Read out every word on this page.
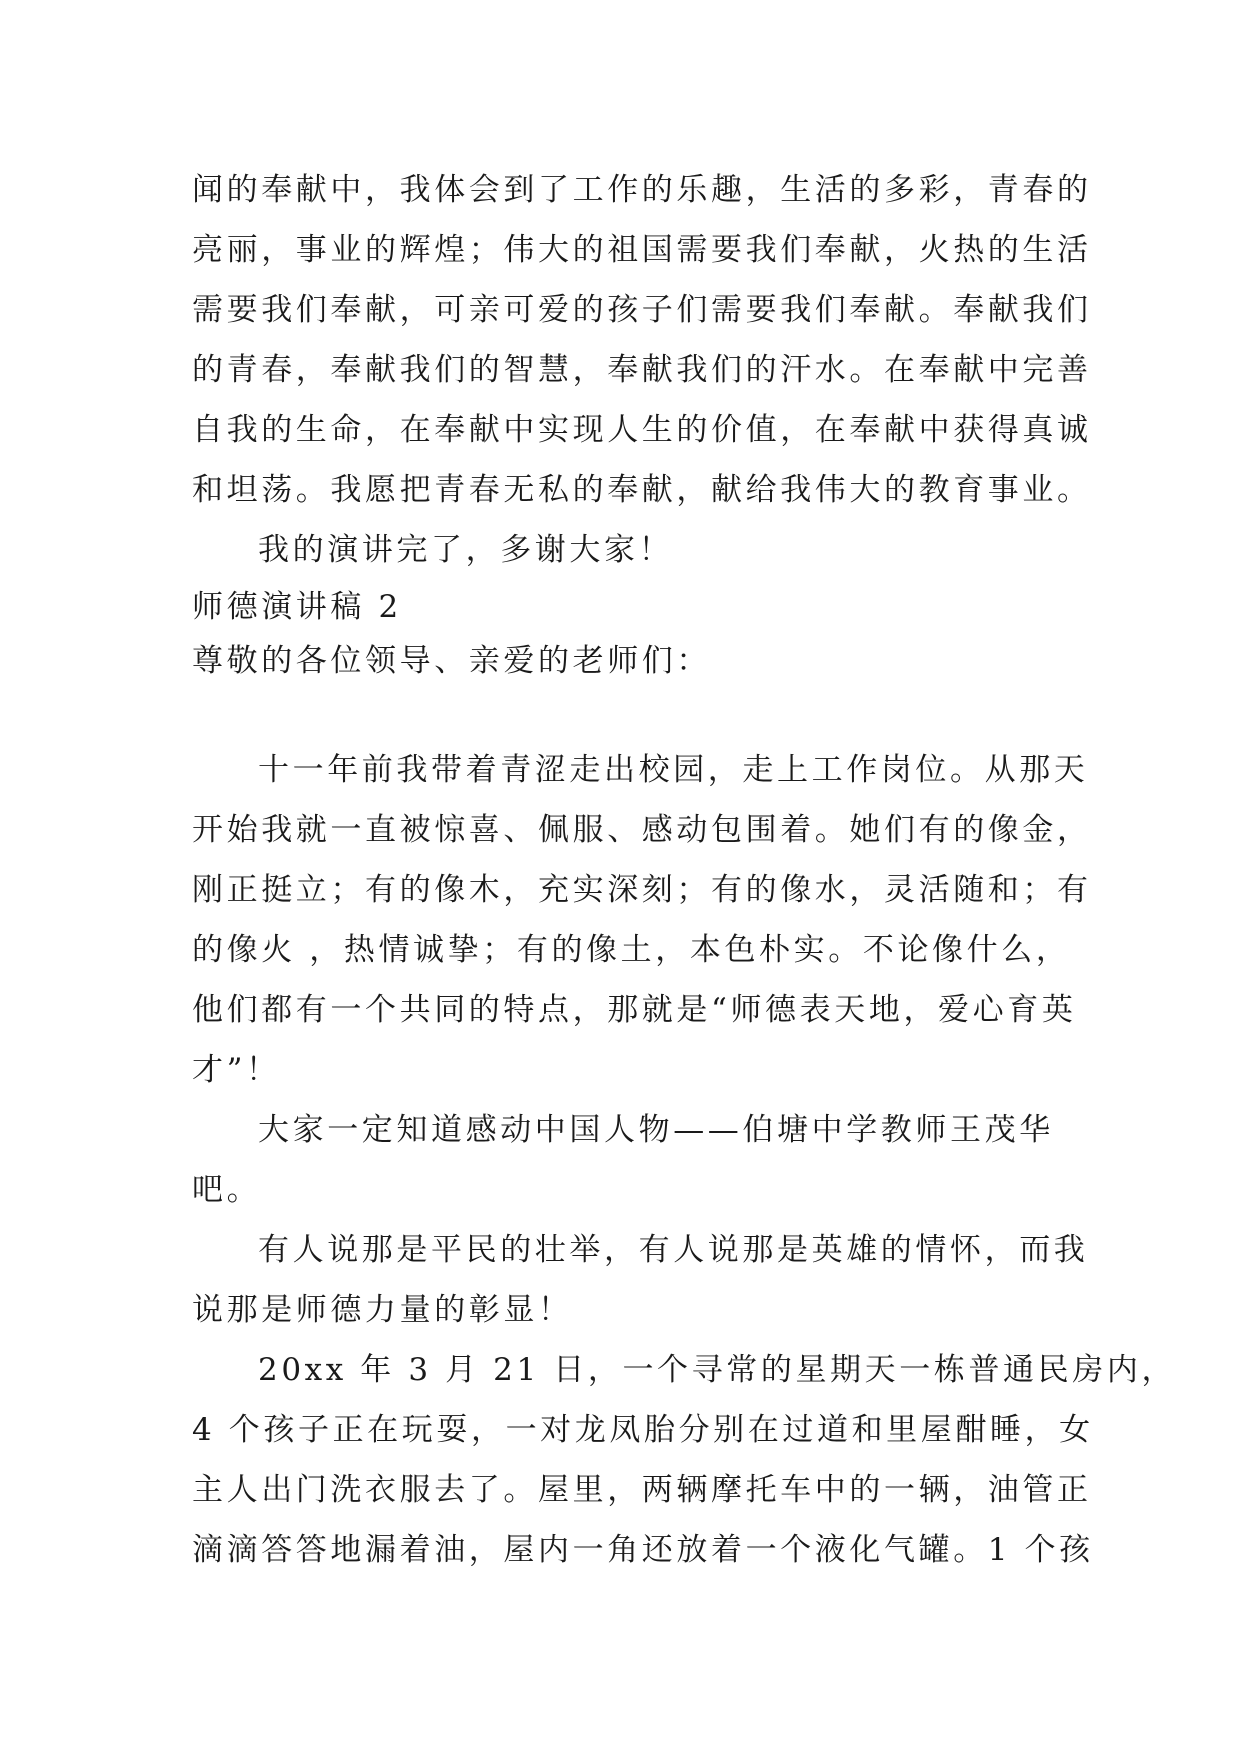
闻的奉献中，我体会到了工作的乐趣，生活的多彩，青春的
亮丽，事业的辉煌；伟大的祖国需要我们奉献，火热的生活
需要我们奉献，可亲可爱的孩子们需要我们奉献。奉献我们
的青春，奉献我们的智慧，奉献我们的汗水。在奉献中完善
自我的生命，在奉献中实现人生的价值，在奉献中获得真诚
和坦荡。我愿把青春无私的奉献，献给我伟大的教育事业。
我的演讲完了，多谢大家！
师德演讲稿 2
尊敬的各位领导、亲爱的老师们：
十一年前我带着青涩走出校园，走上工作岗位。从那天
开始我就一直被惊喜、佩服、感动包围着。她们有的像金，
刚正挺立；有的像木，充实深刻；有的像水，灵活随和；有
的像火 ，热情诚挚；有的像土，本色朴实。不论像什么，
他们都有一个共同的特点，那就是“师德表天地，爱心育英
才”！
大家一定知道感动中国人物——伯塘中学教师王茂华
吧。
有人说那是平民的壮举，有人说那是英雄的情怀，而我
说那是师德力量的彰显！
20xx 年 3 月 21 日，一个寻常的星期天一栋普通民房内，
4 个孩子正在玩耍，一对龙凤胎分别在过道和里屋酣睡，女
主人出门洗衣服去了。屋里，两辆摩托车中的一辆，油管正
滴滴答答地漏着油，屋内一角还放着一个液化气罐。1 个孩
